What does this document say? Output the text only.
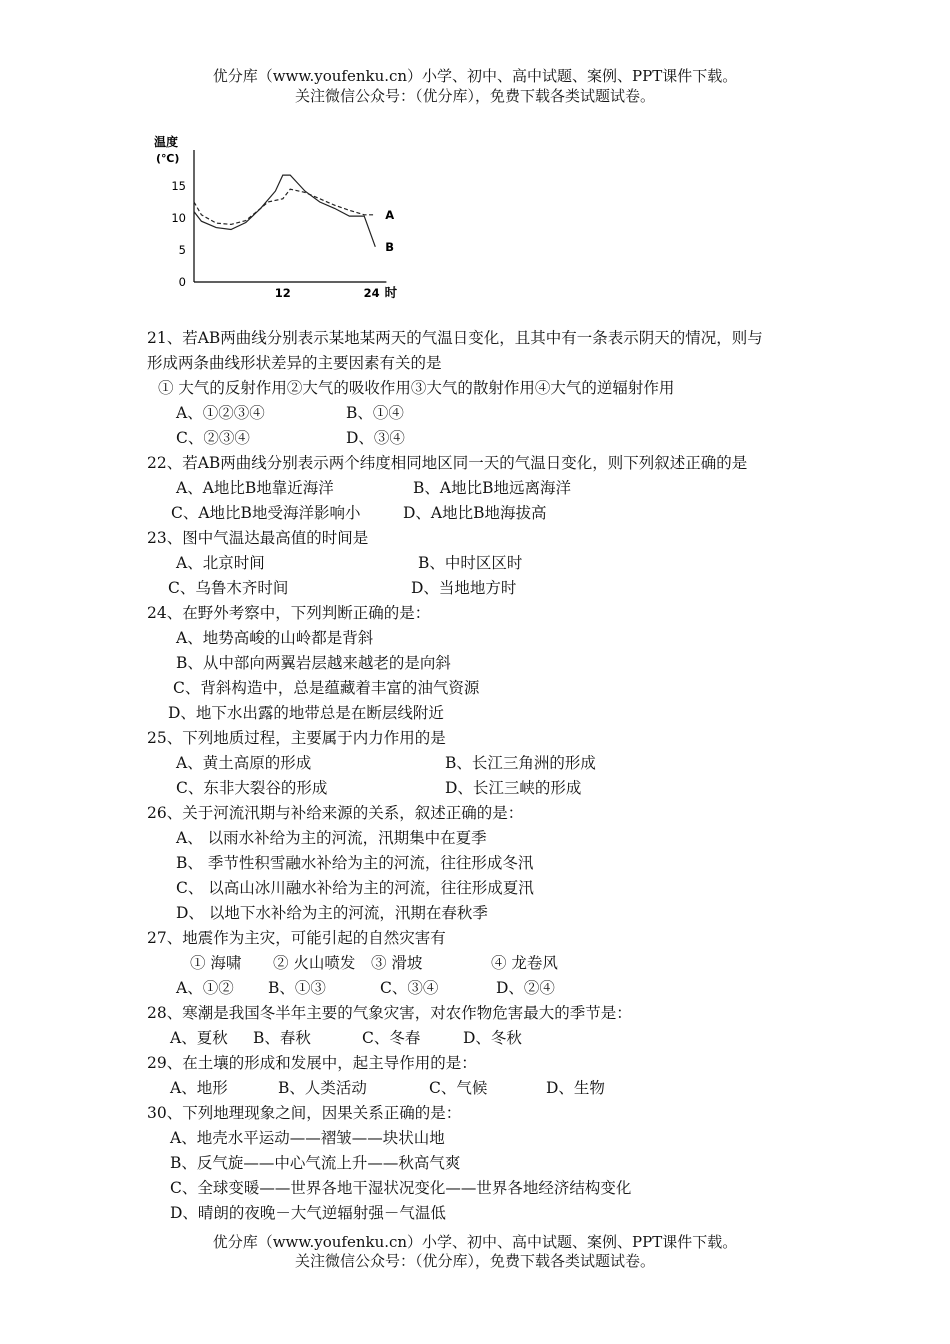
优分库（www.youfenku.cn）小学、初中、高中试题、案例、PPT课件下载。
关注微信公众号：（优分库），免费下载各类试题试卷。
温度
(℃)
15
10
5
0
12	24 时
A
B
21、若AB两曲线分别表示某地某两天的气温日变化，且其中有一条表示阴天的情况，则与
形成两条曲线形状差异的主要因素有关的是
① 大气的反射作用②大气的吸收作用③大气的散射作用④大气的逆辐射作用
A、①②③④	B、①④
C、②③④	D、③④
22、若AB两曲线分别表示两个纬度相同地区同一天的气温日变化，则下列叙述正确的是
A、A地比B地靠近海洋	B、A地比B地远离海洋
C、A地比B地受海洋影响小	D、A地比B地海拔高
23、图中气温达最高值的时间是
A、北京时间	B、中时区区时
C、乌鲁木齐时间	D、当地地方时
24、在野外考察中，下列判断正确的是：
A、地势高峻的山岭都是背斜
B、从中部向两翼岩层越来越老的是向斜
C、背斜构造中，总是蕴藏着丰富的油气资源
D、地下水出露的地带总是在断层线附近
25、下列地质过程，主要属于内力作用的是
A、黄土高原的形成	B、长江三角洲的形成
C、东非大裂谷的形成	D、长江三峡的形成
26、关于河流汛期与补给来源的关系，叙述正确的是：
A、 以雨水补给为主的河流，汛期集中在夏季
B、 季节性积雪融水补给为主的河流，往往形成冬汛
C、 以高山冰川融水补给为主的河流，往往形成夏汛
D、 以地下水补给为主的河流，汛期在春秋季
27、地震作为主灾，可能引起的自然灾害有
① 海啸 ② 火山喷发 ③ 滑坡	④ 龙卷风
A、①② B、①③	C、③④	D、②④
28、寒潮是我国冬半年主要的气象灾害，对农作物危害最大的季节是：
A、夏秋 B、春秋	C、冬春	D、冬秋
29、在土壤的形成和发展中，起主导作用的是：
A、地形	B、人类活动	C、气候	D、生物
30、下列地理现象之间，因果关系正确的是：
A、地壳水平运动——褶皱——块状山地
B、反气旋——中心气流上升——秋高气爽
C、全球变暖——世界各地干湿状况变化——世界各地经济结构变化
D、晴朗的夜晚－大气逆辐射强－气温低
优分库（www.youfenku.cn）小学、初中、高中试题、案例、PPT课件下载。
关注微信公众号：（优分库），免费下载各类试题试卷。
